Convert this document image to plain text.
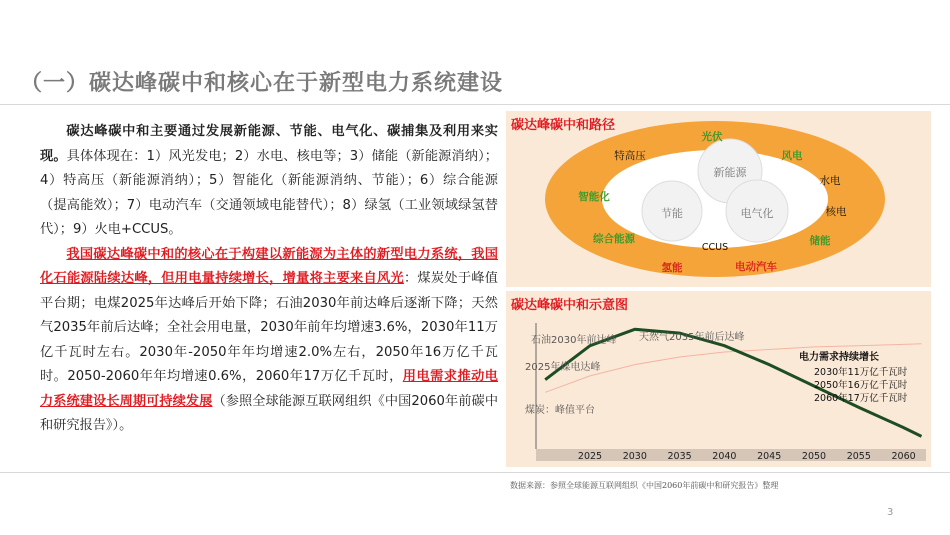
（一）碳达峰碳中和核心在于新型电力系统建设

碳达峰碳中和主要通过发展新能源、节能、电气化、碳捕集及利用来实现。具体体现在：1）风光发电；2）水电、核电等；3）储能（新能源消纳）；4）特高压（新能源消纳）；5）智能化（新能源消纳、节能）；6）综合能源（提高能效）；7）电动汽车（交通领域电能替代）；8）绿氢（工业领域绿氢替代）；9）火电+CCUS。

我国碳达峰碳中和的核心在于构建以新能源为主体的新型电力系统，我国化石能源陆续达峰，但用电量持续增长，增量将主要来自风光：煤炭处于峰值平台期；电煤2025年达峰后开始下降；石油2030年前达峰后逐渐下降；天然气2035年前后达峰；全社会用电量，2030年前年均增速3.6%，2030年11万亿千瓦时左右。2030年-2050年年均增速2.0%左右，2050年16万亿千瓦时。2050-2060年年均增速0.6%，2060年17万亿千瓦时，用电需求推动电力系统建设长周期可持续发展（参照全球能源互联网组织《中国2060年前碳中和研究报告》）。

碳达峰碳中和路径
新能源
节能	电气化
特高压
水电
核电
CCUS
光伏
风电
智能化
综合能源	储能
氢能	电动汽车
碳达峰碳中和示意图
2025 2030 2035 2040 2045 2050 2055 2060
石油2030年前达峰 天然气2035年前后达峰
2025年煤电达峰
煤炭：峰值平台
电力需求持续增长
2030年11万亿千瓦时
2050年16万亿千瓦时
2060年17万亿千瓦时
数据来源：参照全球能源互联网组织《中国2060年前碳中和研究报告》整理
3
